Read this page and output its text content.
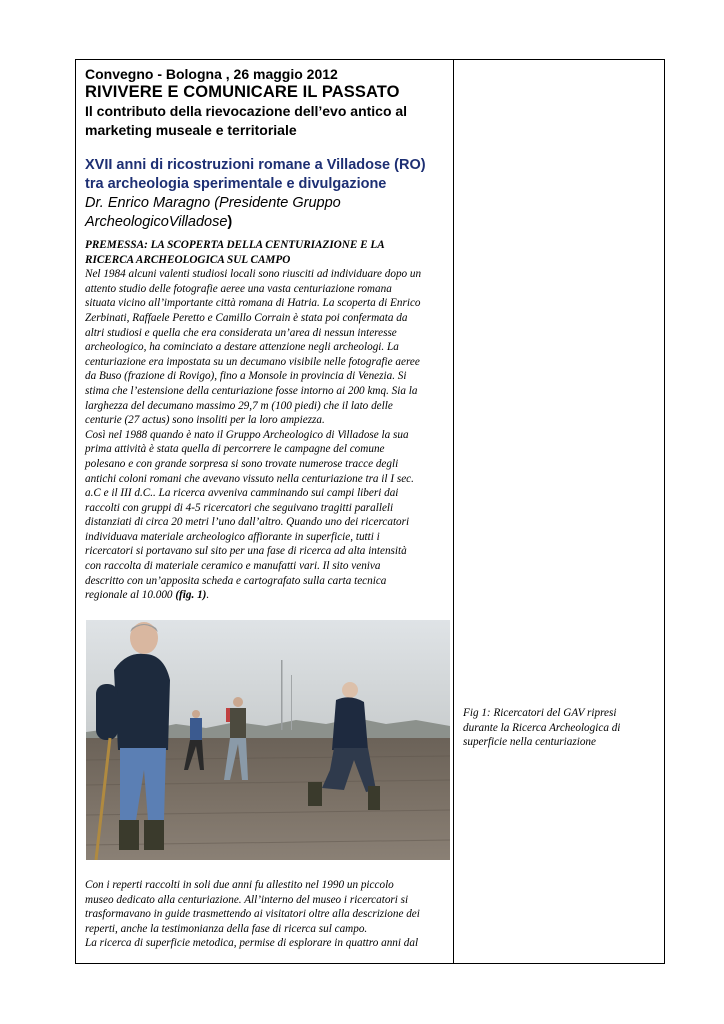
Convegno - Bologna , 26 maggio 2012

RIVIVERE E COMUNICARE IL PASSATO

Il contributo della rievocazione dell’evo antico al

marketing museale e territoriale

XVII anni di ricostruzioni romane a Villadose (RO)

tra archeologia sperimentale e divulgazione

Dr. Enrico Maragno (Presidente Gruppo

ArcheologicoVilladose)

PREMESSA: LA SCOPERTA DELLA CENTURIAZIONE E LA

RICERCA ARCHEOLOGICA SUL CAMPO

Nel 1984 alcuni valenti studiosi locali sono riusciti ad individuare dopo un

attento studio delle fotografie aeree una vasta centuriazione romana

situata vicino all’importante città romana di Hatria. La scoperta di Enrico

Zerbinati, Raffaele Peretto e Camillo Corrain è stata poi confermata da

altri studiosi e quella che era considerata un’area di nessun interesse

archeologico, ha cominciato a destare attenzione negli archeologi. La

centuriazione era impostata su un decumano visibile nelle fotografie aeree

da Buso (frazione di Rovigo), fino a Monsole in provincia di Venezia. Si

stima che l’estensione della centuriazione fosse intorno ai 200 kmq. Sia la

larghezza del decumano massimo 29,7 m (100 piedi) che il lato delle

centurie (27 actus) sono insoliti per la loro ampiezza.

Così nel 1988 quando è nato il Gruppo Archeologico di Villadose la sua

prima attività è stata quella di percorrere le campagne del comune

polesano e con grande sorpresa si sono trovate numerose tracce degli

antichi coloni romani che avevano vissuto nella centuriazione tra il I sec.

a.C e il III d.C.. La ricerca avveniva camminando sui campi liberi dai

raccolti con gruppi di 4-5 ricercatori che seguivano tragitti paralleli

distanziati di circa 20 metri l’uno dall’altro. Quando uno dei ricercatori

individuava materiale archeologico affiorante in superficie, tutti i

ricercatori si portavano sul sito per una fase di ricerca ad alta intensità

con raccolta di materiale ceramico e manufatti vari. Il sito veniva

descritto con un’apposita scheda e cartografato sulla carta tecnica

regionale al 10.000 (fig. 1).

Con i reperti raccolti in soli due anni fu allestito nel 1990 un piccolo

museo dedicato alla centuriazione. All’interno del museo i ricercatori si

trasformavano in guide trasmettendo ai visitatori oltre alla descrizione dei

reperti, anche la testimonianza della fase di ricerca sul campo.

La ricerca di superficie metodica, permise di esplorare in quattro anni dal

Fig 1: Ricercatori del GAV ripresi

durante la Ricerca Archeologica di

superficie nella centuriazione
